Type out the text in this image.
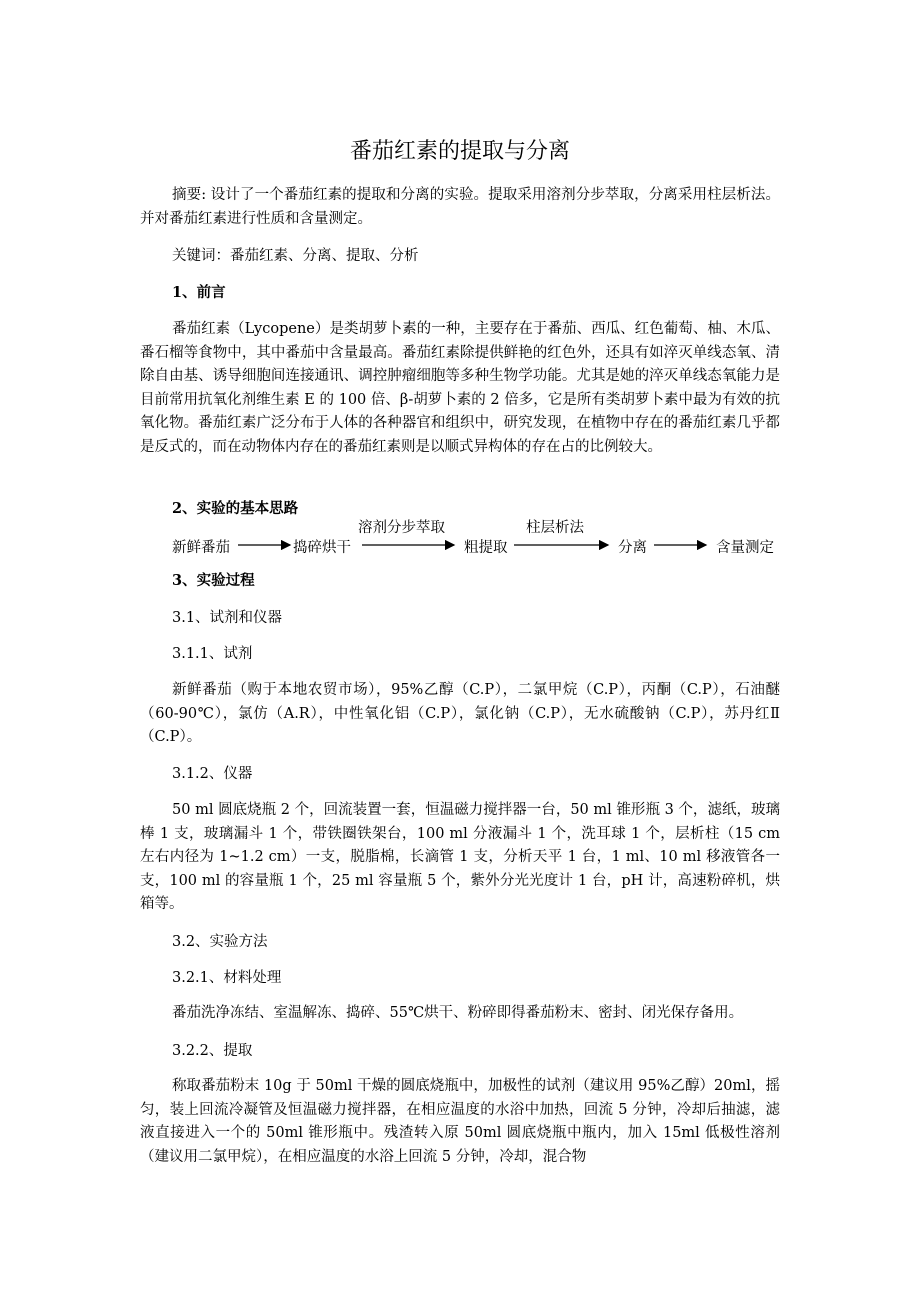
番茄红素的提取与分离

摘要: 设计了一个番茄红素的提取和分离的实验。提取采用溶剂分步萃取，分离采用柱层析法。并对番茄红素进行性质和含量测定。

关键词：番茄红素、分离、提取、分析
1、前言

番茄红素（Lycopene）是类胡萝卜素的一种，主要存在于番茄、西瓜、红色葡萄、柚、木瓜、番石榴等食物中，其中番茄中含量最高。番茄红素除提供鲜艳的红色外，还具有如淬灭单线态氧、清除自由基、诱导细胞间连接通讯、调控肿瘤细胞等多种生物学功能。尤其是她的淬灭单线态氧能力是目前常用抗氧化剂维生素 E 的 100 倍、β-胡萝卜素的 2 倍多，它是所有类胡萝卜素中最为有效的抗氧化物。番茄红素广泛分布于人体的各种器官和组织中，研究发现，在植物中存在的番茄红素几乎都是反式的，而在动物体内存在的番茄红素则是以顺式异构体的存在占的比例较大。

2、实验的基本思路
新鲜番茄	捣碎烘干
溶剂分步萃取
粗提取
柱层析法
分离	含量测定
3、实验过程
3.1、试剂和仪器
3.1.1、试剂

新鲜番茄（购于本地农贸市场），95%乙醇（C.P），二氯甲烷（C.P），丙酮（C.P），石油醚（60-90℃），氯仿（A.R），中性氧化铝（C.P），氯化钠（C.P），无水硫酸钠（C.P），苏丹红Ⅱ（C.P）。

3.1.2、仪器

50 ml 圆底烧瓶 2 个，回流装置一套，恒温磁力搅拌器一台，50 ml 锥形瓶 3 个，滤纸，玻璃棒 1 支，玻璃漏斗 1 个，带铁圈铁架台，100 ml 分液漏斗 1 个，洗耳球 1 个，层析柱（15 cm 左右内径为 1~1.2 cm）一支，脱脂棉，长滴管 1 支，分析天平 1 台，1 ml、10 ml 移液管各一支，100 ml 的容量瓶 1 个，25 ml 容量瓶 5 个，紫外分光光度计 1 台，pH 计，高速粉碎机，烘箱等。

3.2、实验方法
3.2.1、材料处理

番茄洗净冻结、室温解冻、捣碎、55℃烘干、粉碎即得番茄粉末、密封、闭光保存备用。

3.2.2、提取

称取番茄粉末 10g 于 50ml 干燥的圆底烧瓶中，加极性的试剂（建议用 95%乙醇）20ml，摇匀，装上回流冷凝管及恒温磁力搅拌器，在相应温度的水浴中加热，回流 5 分钟，冷却后抽滤，滤液直接进入一个的 50ml 锥形瓶中。残渣转入原 50ml 圆底烧瓶中瓶内，加入 15ml 低极性溶剂（建议用二氯甲烷），在相应温度的水浴上回流 5 分钟，冷却，混合物
